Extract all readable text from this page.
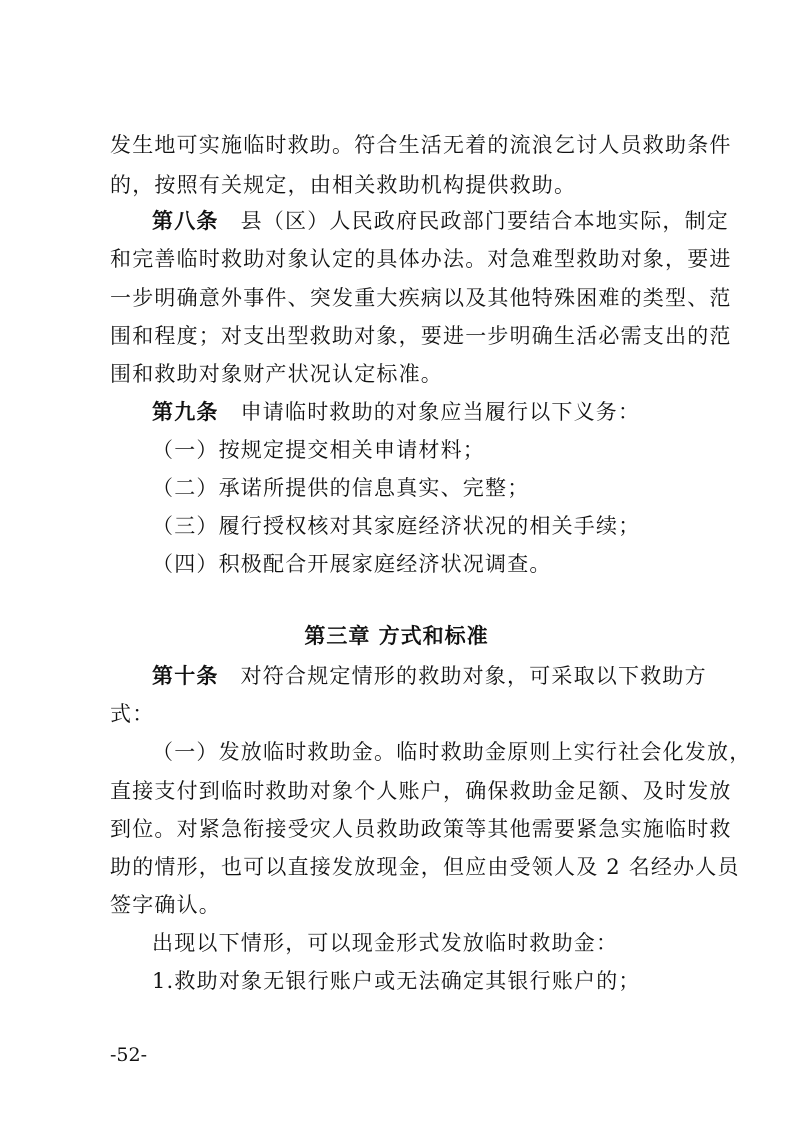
发生地可实施临时救助。符合生活无着的流浪乞讨人员救助条件
的，按照有关规定，由相关救助机构提供救助。
第八条 县（区）人民政府民政部门要结合本地实际，制定
和完善临时救助对象认定的具体办法。对急难型救助对象，要进
一步明确意外事件、突发重大疾病以及其他特殊困难的类型、范
围和程度；对支出型救助对象，要进一步明确生活必需支出的范
围和救助对象财产状况认定标准。
第九条 申请临时救助的对象应当履行以下义务：
（一）按规定提交相关申请材料；
（二）承诺所提供的信息真实、完整；
（三）履行授权核对其家庭经济状况的相关手续；
（四）积极配合开展家庭经济状况调查。
第三章 方式和标准
第十条 对符合规定情形的救助对象，可采取以下救助方
式：
（一）发放临时救助金。临时救助金原则上实行社会化发放，
直接支付到临时救助对象个人账户，确保救助金足额、及时发放
到位。对紧急衔接受灾人员救助政策等其他需要紧急实施临时救
助的情形，也可以直接发放现金，但应由受领人及 2 名经办人员
签字确认。
出现以下情形，可以现金形式发放临时救助金：
1.救助对象无银行账户或无法确定其银行账户的；
-52-
